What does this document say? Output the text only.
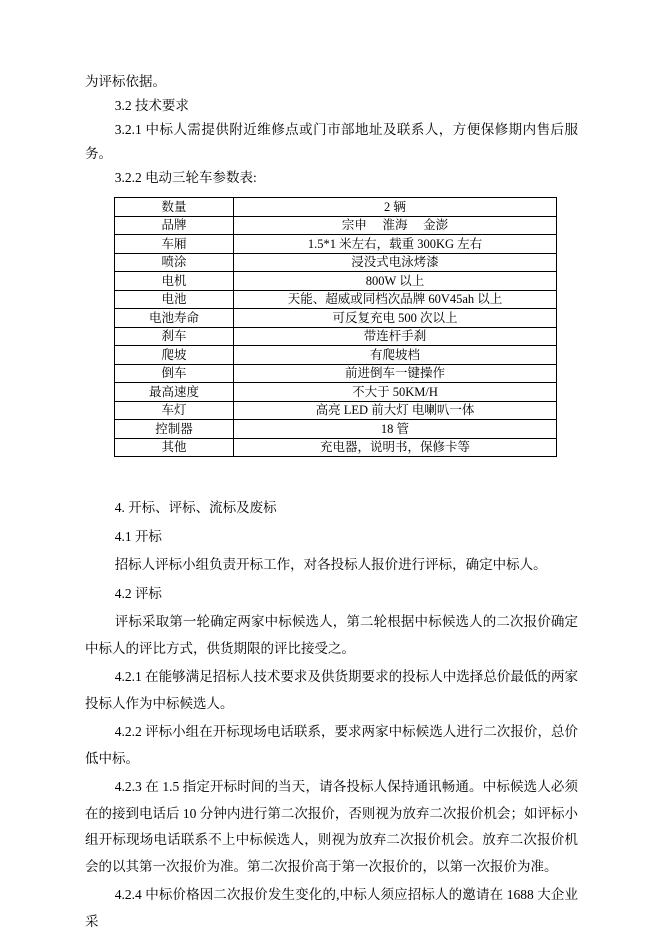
为评标依据。

3.2 技术要求

3.2.1 中标人需提供附近维修点或门市部地址及联系人，方便保修期内售后服务。

3.2.2 电动三轮车参数表:

数量	2 辆
品牌	宗申　 淮海　 金澎
车厢	1.5*1 米左右，载重 300KG 左右
喷涂	浸没式电泳烤漆
电机	800W 以上
电池	天能、超威或同档次品牌 60V45ah 以上
电池寿命	可反复充电 500 次以上
刹车	带连杆手刹
爬坡	有爬坡档
倒车	前进倒车一键操作
最高速度	不大于 50KM/H
车灯	高亮 LED 前大灯 电喇叭一体
控制器	18 管
其他	充电器，说明书，保修卡等

4. 开标、评标、流标及废标

4.1 开标

招标人评标小组负责开标工作，对各投标人报价进行评标，确定中标人。

4.2 评标

评标采取第一轮确定两家中标候选人，第二轮根据中标候选人的二次报价确定中标人的评比方式，供货期限的评比接受之。

4.2.1 在能够满足招标人技术要求及供货期要求的投标人中选择总价最低的两家投标人作为中标候选人。

4.2.2 评标小组在开标现场电话联系，要求两家中标候选人进行二次报价，总价低中标。

4.2.3 在 1.5 指定开标时间的当天，请各投标人保持通讯畅通。中标候选人必须在的接到电话后 10 分钟内进行第二次报价，否则视为放弃二次报价机会；如评标小组开标现场电话联系不上中标候选人，则视为放弃二次报价机会。放弃二次报价机会的以其第一次报价为准。第二次报价高于第一次报价的，以第一次报价为准。

4.2.4 中标价格因二次报价发生变化的,中标人须应招标人的邀请在 1688 大企业采
